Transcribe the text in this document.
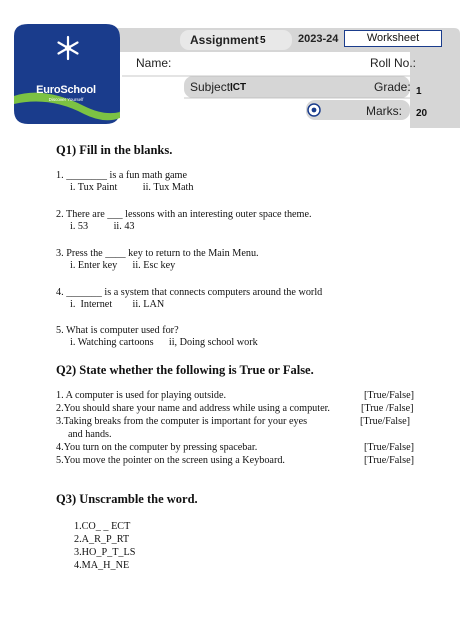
EuroSchool
Discover Yourself
Assignment 5	2023-24	Worksheet
Name:	Roll No.:
Subject:
ICT	Grade: 1
Marks: 20
Q1) Fill in the blanks.
1. ________ is a fun math game
i. Tux Paint          ii. Tux Math
2. There are ___ lessons with an interesting outer space theme.
i. 53          ii. 43
3. Press the ____ key to return to the Main Menu.
i. Enter key      ii. Esc key
4. _______ is a system that connects computers around the world
i.  Internet        ii. LAN
5. What is computer used for?
i. Watching cartoons      ii, Doing school work
Q2) State whether the following is True or False.
1. A computer is used for playing outside.	[True/False]
2.You should share your name and address while using a computer.	[True /False]
3.Taking breaks from the computer is important for your eyes	[True/False]
and hands.
4.You turn on the computer by pressing spacebar.	[True/False]
5.You move the pointer on the screen using a Keyboard.	[True/False]
Q3) Unscramble the word.
1.CO_ _ ECT
2.A_R_P_RT
3.HO_P_T_LS
4.MA_H_NE
